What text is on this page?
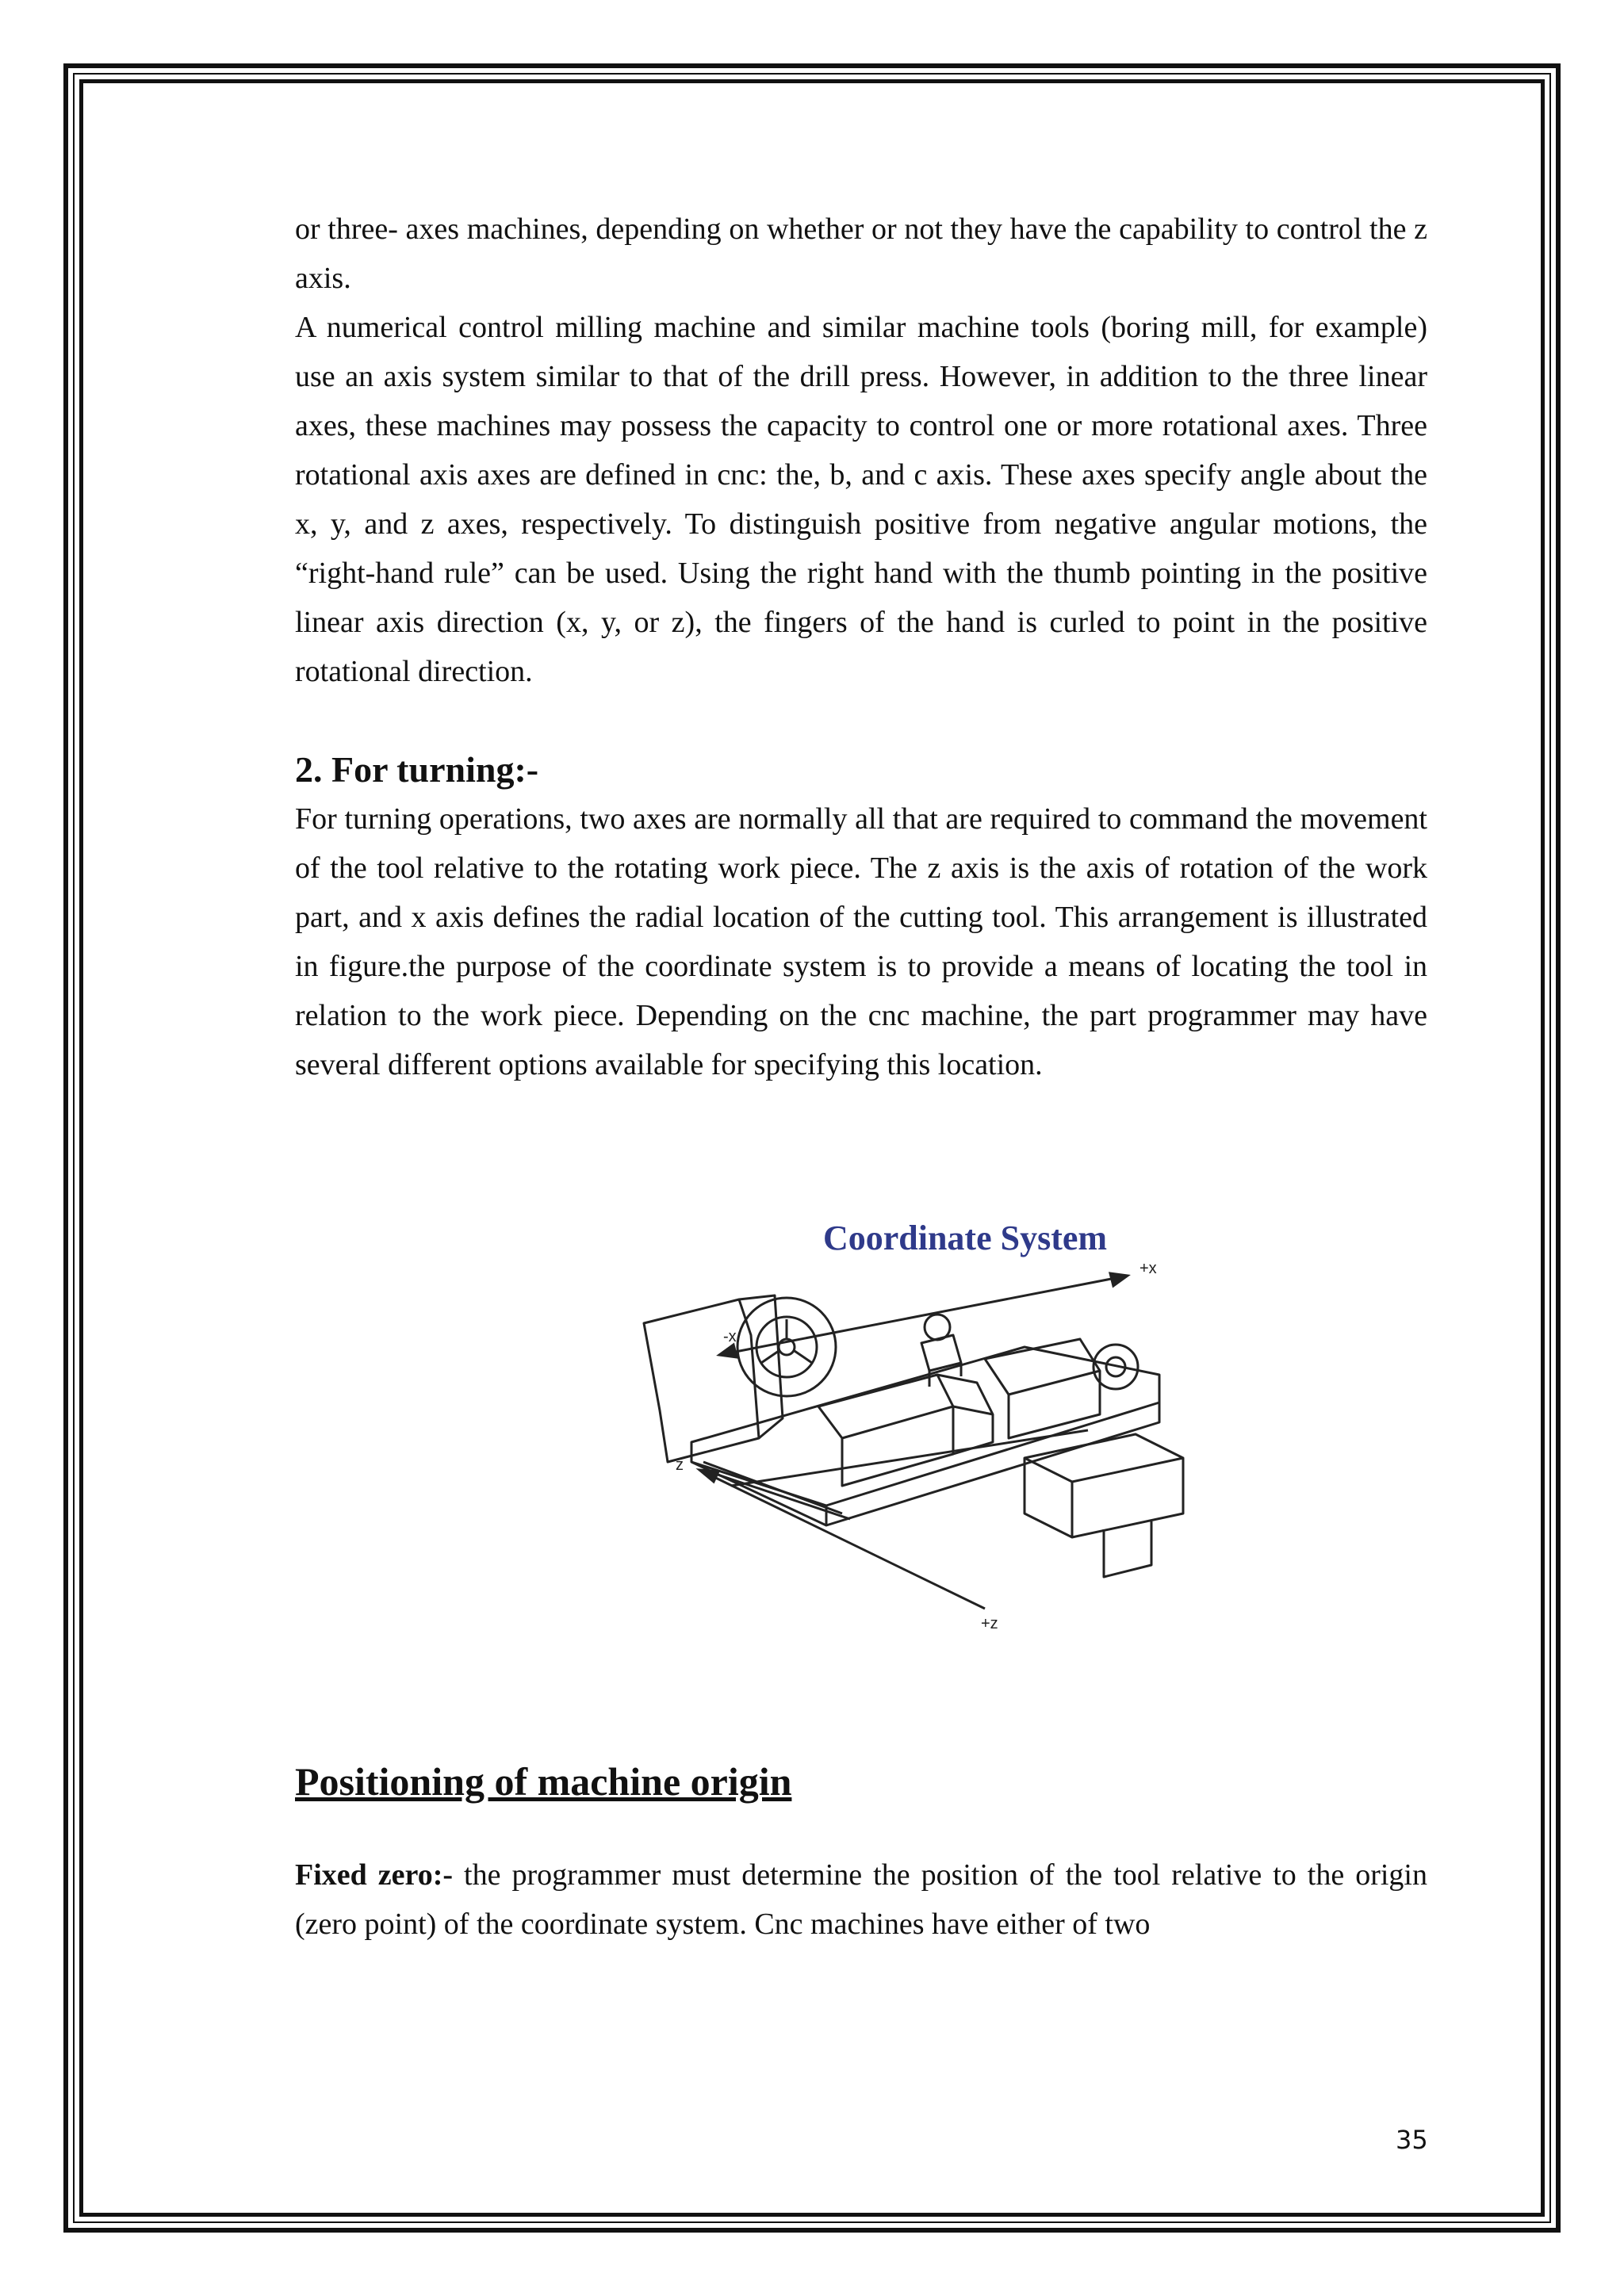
or three- axes machines, depending on whether or not they have the capability to control the z axis.

A numerical control milling machine and similar machine tools (boring mill, for example) use an axis system similar to that of the drill press. However, in addition to the three linear axes, these machines may possess the capacity to control one or more rotational axes. Three rotational axis axes are defined in cnc: the, b, and c axis. These axes specify angle about the x, y, and z axes, respectively. To distinguish positive from negative angular motions, the “right-hand rule” can be used. Using the right hand with the thumb pointing in the positive linear axis direction (x, y, or z), the fingers of the hand is curled to point in the positive rotational direction.

2. For turning:-

For turning operations, two axes are normally all that are required to command the movement of the tool relative to the rotating work piece. The z axis is the axis of rotation of the work part, and x axis defines the radial location of the cutting tool. This arrangement is illustrated in figure.the purpose of the coordinate system is to provide a means of locating the tool in relation to the work piece. Depending on the cnc machine, the part programmer may have several different options available for specifying this location.

Coordinate System
+x
-x
z
+z
Positioning of machine origin

Fixed zero:- the programmer must determine the position of the tool relative to the origin (zero point) of the coordinate system. Cnc machines have either of two

35
